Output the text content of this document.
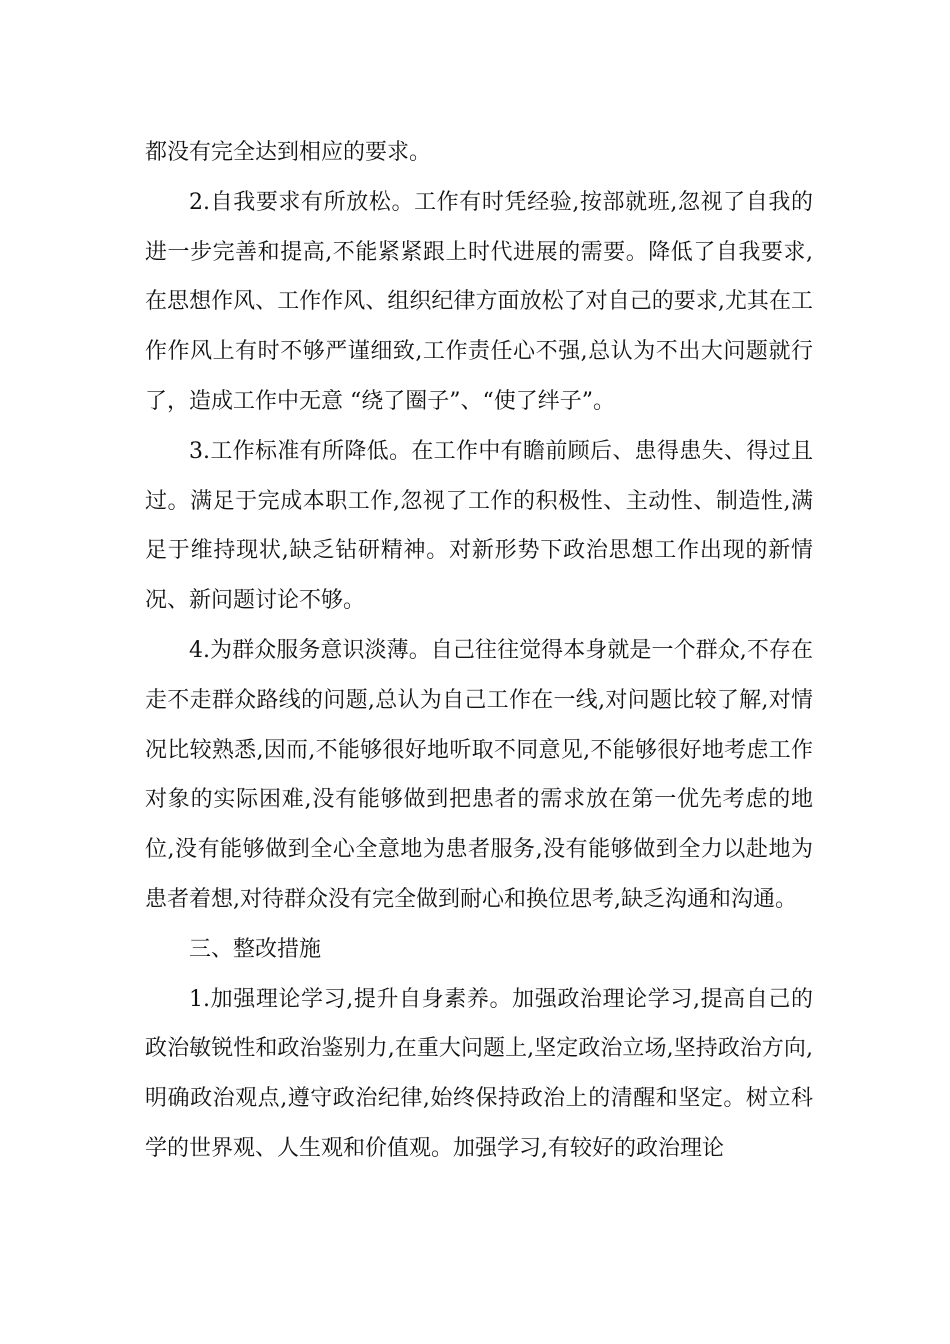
都没有完全达到相应的要求。

2.自我要求有所放松。工作有时凭经验,按部就班,忽视了自我的进一步完善和提高,不能紧紧跟上时代进展的需要。降低了自我要求,在思想作风、工作作风、组织纪律方面放松了对自己的要求,尤其在工作作风上有时不够严谨细致,工作责任心不强,总认为不出大问题就行了，造成工作中无意 “绕了圈子”、“使了绊子”。

3.工作标准有所降低。在工作中有瞻前顾后、患得患失、得过且过。满足于完成本职工作,忽视了工作的积极性、主动性、制造性,满足于维持现状,缺乏钻研精神。对新形势下政治思想工作出现的新情况、新问题讨论不够。

4.为群众服务意识淡薄。自己往往觉得本身就是一个群众,不存在走不走群众路线的问题,总认为自己工作在一线,对问题比较了解,对情况比较熟悉,因而,不能够很好地听取不同意见,不能够很好地考虑工作对象的实际困难,没有能够做到把患者的需求放在第一优先考虑的地位,没有能够做到全心全意地为患者服务,没有能够做到全力以赴地为患者着想,对待群众没有完全做到耐心和换位思考,缺乏沟通和沟通。

三、整改措施

1.加强理论学习,提升自身素养。加强政治理论学习,提高自己的政治敏锐性和政治鉴别力,在重大问题上,坚定政治立场,坚持政治方向,明确政治观点,遵守政治纪律,始终保持政治上的清醒和坚定。树立科学的世界观、人生观和价值观。加强学习,有较好的政治理论
